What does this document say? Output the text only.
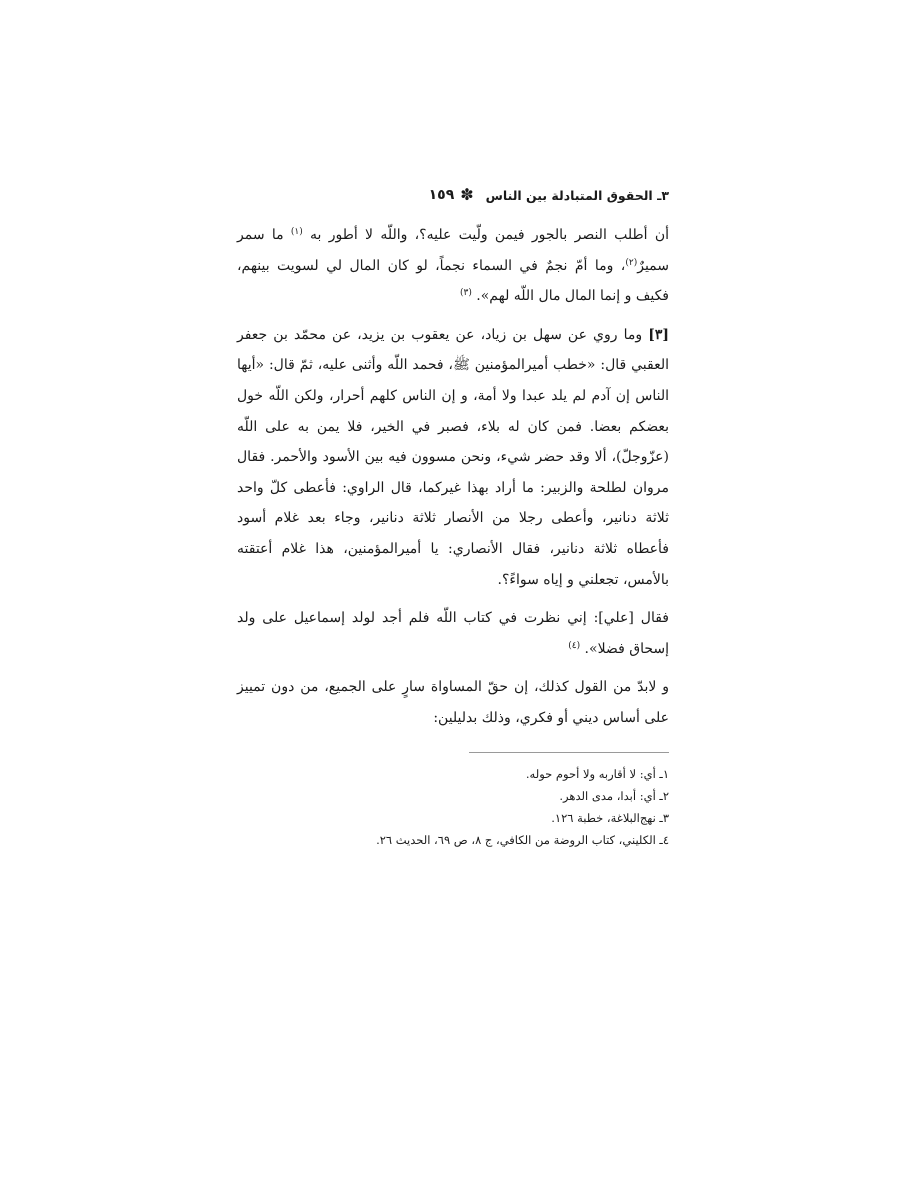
٣ـ الحقوق المتبادلة بين الناس
✽
١٥٩

أن أطلب النصر بالجور فيمن ولّيت عليه؟، واللّه لا أطور به $^{(١)}$ ما سمر سميرٌ$^{(٢)}$، وما أمّ نجمٌ في السماء نجماً، لو كان المال لي لسويت بينهم، فكيف و إنما المال مال اللّه لهم». $^{(٣)}$

[٣] وما روي عن سهل بن زياد، عن يعقوب بن يزيد، عن محمّد بن جعفر العقبي قال: «خطب أميرالمؤمنين ﷺ، فحمد اللّه وأثنى عليه، ثمّ قال: «أيها الناس إن آدم لم يلد عبدا ولا أمة، و إن الناس كلهم أحرار، ولكن اللّه خول بعضكم بعضا. فمن كان له بلاء، فصبر في الخير، فلا يمن به على اللّه (عزّوجلّ)، ألا وقد حضر شيء، ونحن مسوون فيه بين الأسود والأحمر. فقال مروان لطلحة والزبير: ما أراد بهذا غيركما، قال الراوي: فأعطى كلّ واحد ثلاثة دنانير، وأعطى رجلا من الأنصار ثلاثة دنانير، وجاء بعد غلام أسود فأعطاه ثلاثة دنانير، فقال الأنصاري: يا أميرالمؤمنين، هذا غلام أعتقته بالأمس، تجعلني و إياه سواءً؟.

فقال [علي]: إني نظرت في كتاب اللّه فلم أجد لولد إسماعيل على ولد إسحاق فضلا». $^{(٤)}$

و لابدّ من القول كذلك، إن حقّ المساواة سارٍ على الجميع، من دون تمييز على أساس ديني أو فكري، وذلك بدليلين:

١ـ أي: لا أقاربه ولا أحوم حوله.
٢ـ أي: أبدا، مدى الدهر.
٣ـ نهج‌البلاغة، خطبة ١٢٦.
٤ـ الكليني، كتاب الروضة من الكافي، ج ٨، ص ٦٩، الحديث ٢٦.
